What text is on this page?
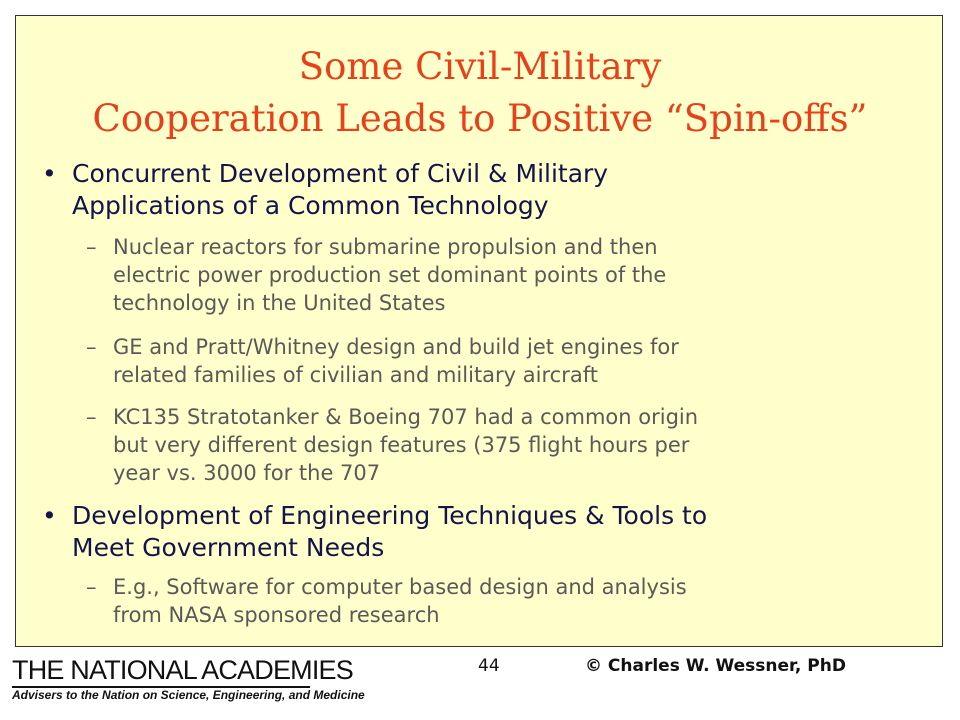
Some Civil-Military
Cooperation Leads to Positive “Spin-offs”
• Concurrent Development of Civil & Military
Applications of a Common Technology
– Nuclear reactors for submarine propulsion and then
electric power production set dominant points of the
technology in the United States
– GE and Pratt/Whitney design and build jet engines for
related families of civilian and military aircraft
– KC135 Stratotanker & Boeing 707 had a common origin
but very different design features (375 flight hours per
year vs. 3000 for the 707
• Development of Engineering Techniques & Tools to
Meet Government Needs
– E.g., Software for computer based design and analysis
from NASA sponsored research
THE NATIONAL ACADEMIES
Advisers to the Nation on Science, Engineering, and Medicine
44	© Charles W. Wessner, PhD
